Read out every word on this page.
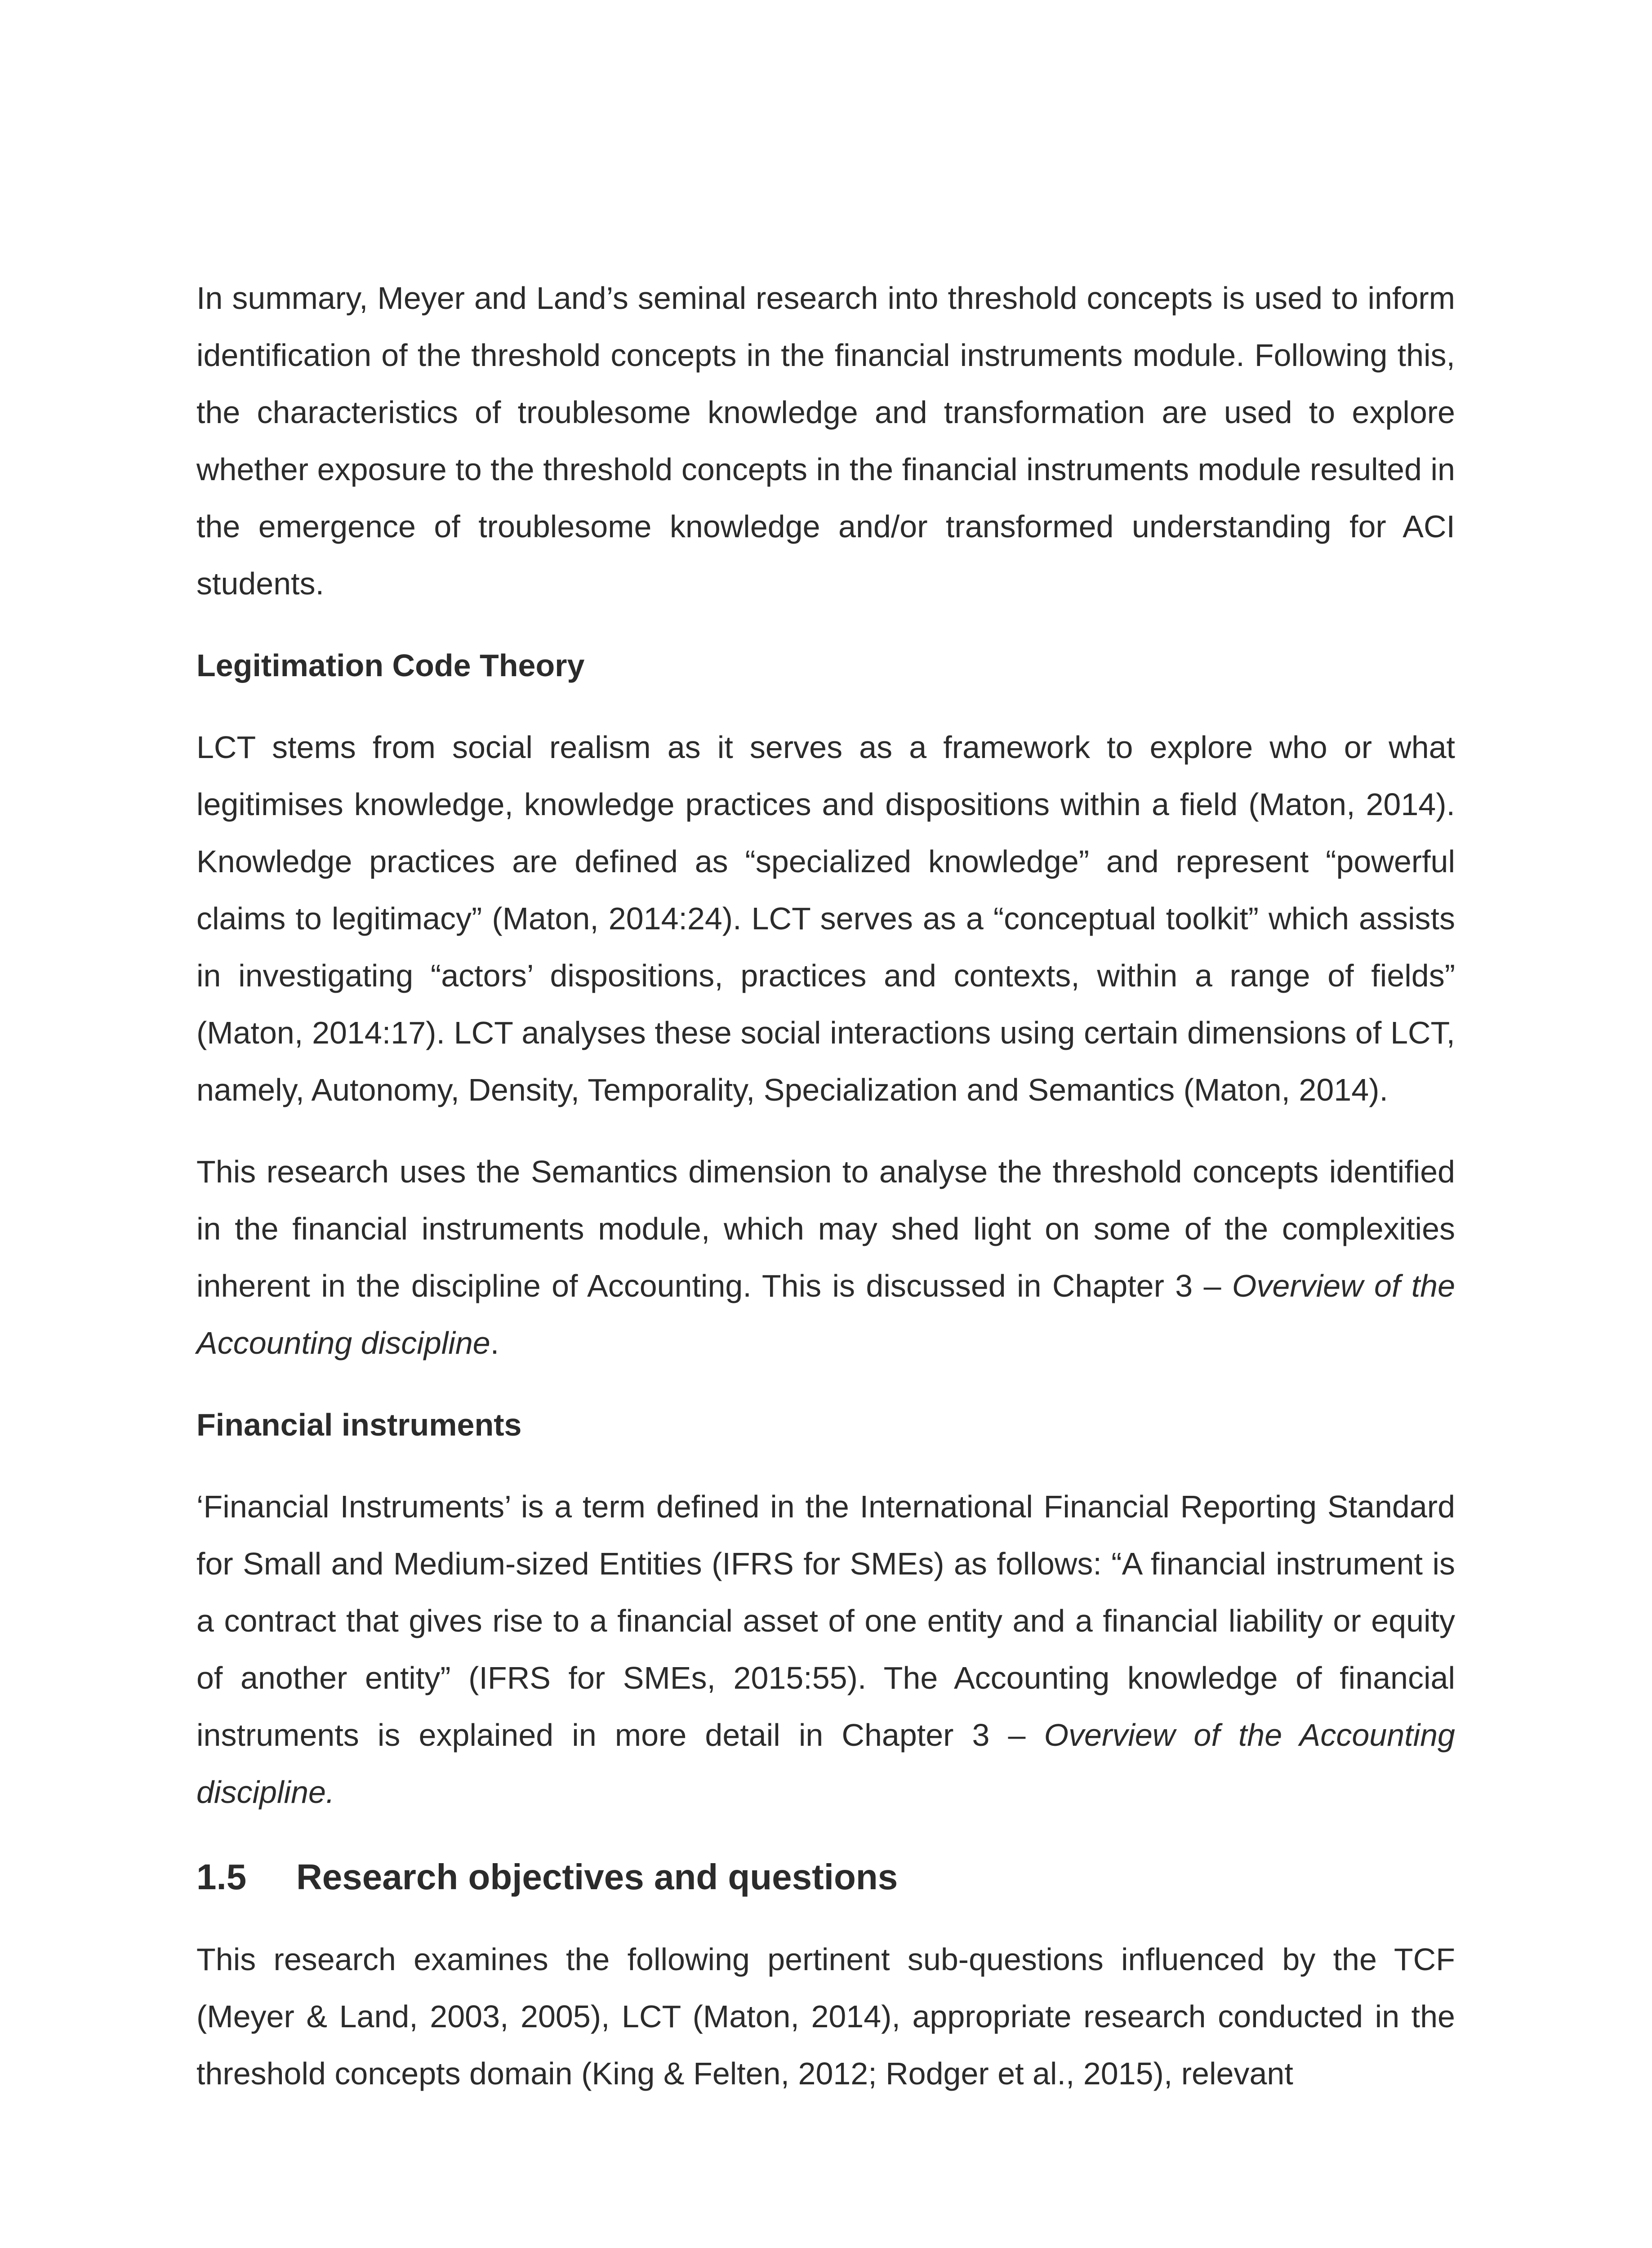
In summary, Meyer and Land’s seminal research into threshold concepts is used to inform identification of the threshold concepts in the financial instruments module. Following this, the characteristics of troublesome knowledge and transformation are used to explore whether exposure to the threshold concepts in the financial instruments module resulted in the emergence of troublesome knowledge and/or transformed understanding for ACI students.

Legitimation Code Theory

LCT stems from social realism as it serves as a framework to explore who or what legitimises knowledge, knowledge practices and dispositions within a field (Maton, 2014). Knowledge practices are defined as “specialized knowledge” and represent “powerful claims to legitimacy” (Maton, 2014:24). LCT serves as a “conceptual toolkit” which assists in investigating “actors’ dispositions, practices and contexts, within a range of fields” (Maton, 2014:17). LCT analyses these social interactions using certain dimensions of LCT, namely, Autonomy, Density, Temporality, Specialization and Semantics (Maton, 2014).

This research uses the Semantics dimension to analyse the threshold concepts identified in the financial instruments module, which may shed light on some of the complexities inherent in the discipline of Accounting. This is discussed in Chapter 3 – Overview of the Accounting discipline.

Financial instruments

‘Financial Instruments’ is a term defined in the International Financial Reporting Standard for Small and Medium-sized Entities (IFRS for SMEs) as follows: “A financial instrument is a contract that gives rise to a financial asset of one entity and a financial liability or equity of another entity” (IFRS for SMEs, 2015:55). The Accounting knowledge of financial instruments is explained in more detail in Chapter 3 – Overview of the Accounting discipline.

1.5	Research objectives and questions

This research examines the following pertinent sub-questions influenced by the TCF (Meyer & Land, 2003, 2005), LCT (Maton, 2014), appropriate research conducted in the threshold concepts domain (King & Felten, 2012; Rodger et al., 2015), relevant
